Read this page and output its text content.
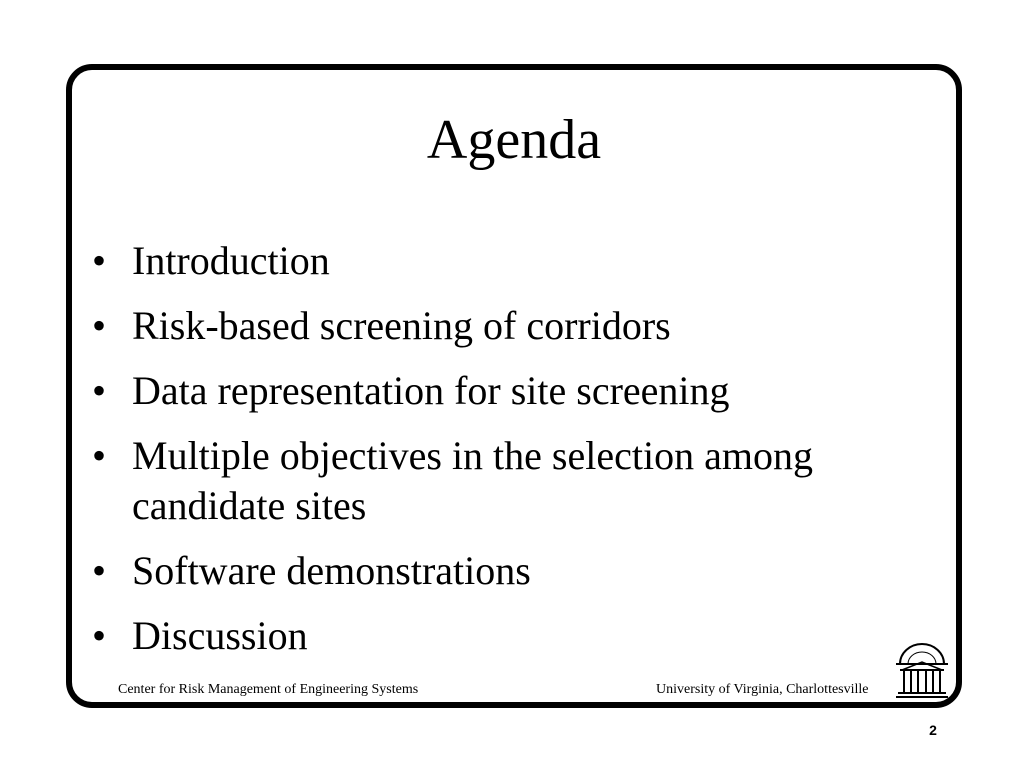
Agenda
• Introduction
• Risk-based screening of corridors
• Data representation for site screening
• Multiple objectives in the selection among candidate sites
• Software demonstrations
• Discussion
Center for Risk Management of Engineering Systems	University of Virginia, Charlottesville
2
